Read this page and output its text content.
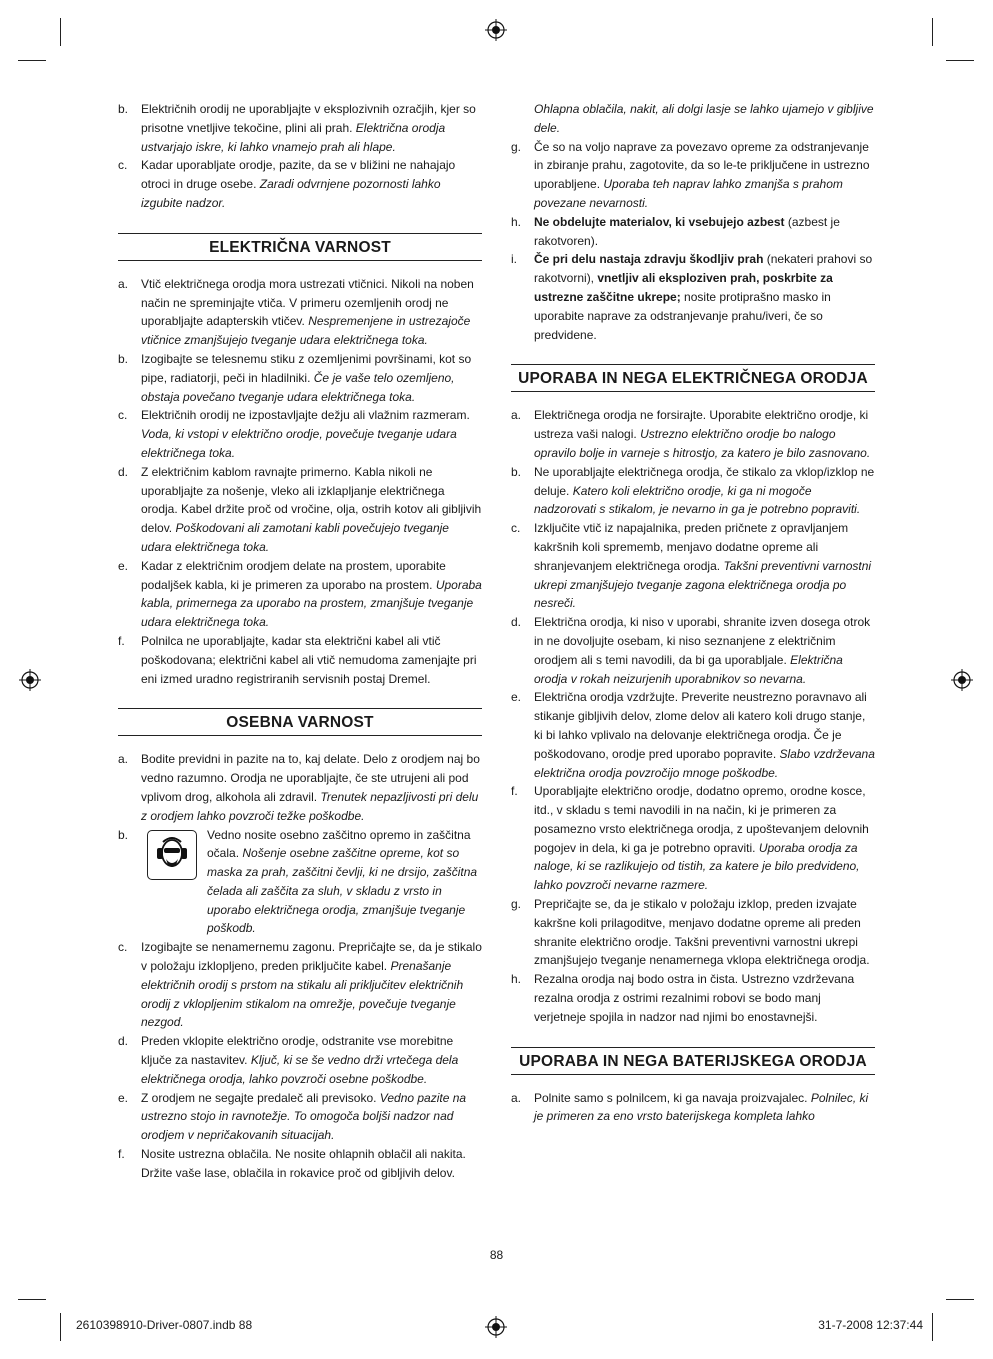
b.	Električnih orodij ne uporabljajte v eksplozivnih ozračjih, kjer so prisotne vnetljive tekočine, plini ali prah. Električna orodja ustvarjajo iskre, ki lahko vnamejo prah ali hlape.
c.	Kadar uporabljate orodje, pazite, da se v bližini ne nahajajo otroci in druge osebe. Zaradi odvrnjene pozornosti lahko izgubite nadzor.
ELEKTRIČNA VARNOST
a.	Vtič električnega orodja mora ustrezati vtičnici. Nikoli na noben način ne spreminjajte vtiča. V primeru ozemljenih orodj ne uporabljajte adapterskih vtičev. Nespremenjene in ustrezajoče vtičnice zmanjšujejo tveganje udara električnega toka.
b.	Izogibajte se telesnemu stiku z ozemljenimi površinami, kot so pipe, radiatorji, peči in hladilniki. Če je vaše telo ozemljeno, obstaja povečano tveganje udara električnega toka.
c.	Električnih orodij ne izpostavljajte dežju ali vlažnim razmeram. Voda, ki vstopi v električno orodje, povečuje tveganje udara električnega toka.
d.	Z električnim kablom ravnajte primerno. Kabla nikoli ne uporabljajte za nošenje, vleko ali izklapljanje električnega orodja. Kabel držite proč od vročine, olja, ostrih kotov ali gibljivih delov. Poškodovani ali zamotani kabli povečujejo tveganje udara električnega toka.
e.	Kadar z električnim orodjem delate na prostem, uporabite podaljšek kabla, ki je primeren za uporabo na prostem. Uporaba kabla, primernega za uporabo na prostem, zmanjšuje tveganje udara električnega toka.
f.	Polnilca ne uporabljajte, kadar sta električni kabel ali vtič poškodovana; električni kabel ali vtič nemudoma zamenjajte pri eni izmed uradno registriranih servisnih postaj Dremel.
OSEBNA VARNOST
a.	Bodite previdni in pazite na to, kaj delate. Delo z orodjem naj bo vedno razumno. Orodja ne uporabljajte, če ste utrujeni ali pod vplivom drog, alkohola ali zdravil. Trenutek nepazljivosti pri delu z orodjem lahko povzroči težke poškodbe.
b.	Vedno nosite osebno zaščitno opremo in zaščitna očala. Nošenje osebne zaščitne opreme, kot so maska za prah, zaščitni čevlji, ki ne drsijo, zaščitna čelada ali zaščita za sluh, v skladu z vrsto in uporabo električnega orodja, zmanjšuje tveganje poškodb.
c.	Izogibajte se nenamernemu zagonu. Prepričajte se, da je stikalo v položaju izklopljeno, preden priključite kabel. Prenašanje električnih orodij s prstom na stikalu ali priključitev električnih orodij z vklopljenim stikalom na omrežje, povečuje tveganje nezgod.
d.	Preden vklopite električno orodje, odstranite vse morebitne ključe za nastavitev. Ključ, ki se še vedno drži vrtečega dela električnega orodja, lahko povzroči osebne poškodbe.
e.	Z orodjem ne segajte predaleč ali previsoko. Vedno pazite na ustrezno stojo in ravnotežje. To omogoča boljši nadzor nad orodjem v nepričakovanih situacijah.
f.	Nosite ustrezna oblačila. Ne nosite ohlapnih oblačil ali nakita. Držite vaše lase, oblačila in rokavice proč od gibljivih delov.
Ohlapna oblačila, nakit, ali dolgi lasje se lahko ujamejo v gibljive dele.
g.	Če so na voljo naprave za povezavo opreme za odstranjevanje in zbiranje prahu, zagotovite, da so le-te priključene in ustrezno uporabljene. Uporaba teh naprav lahko zmanjša s prahom povezane nevarnosti.
h.	Ne obdelujte materialov, ki vsebujejo azbest (azbest je rakotvoren).
i.	Če pri delu nastaja zdravju škodljiv prah (nekateri prahovi so rakotvorni), vnetljiv ali eksploziven prah, poskrbite za ustrezne zaščitne ukrepe; nosite protiprašno masko in uporabite naprave za odstranjevanje prahu/iveri, če so predvidene.
UPORABA IN NEGA ELEKTRIČNEGA ORODJA
a.	Električnega orodja ne forsirajte. Uporabite električno orodje, ki ustreza vaši nalogi. Ustrezno električno orodje bo nalogo opravilo bolje in varneje s hitrostjo, za katero je bilo zasnovano.
b.	Ne uporabljajte električnega orodja, če stikalo za vklop/izklop ne deluje. Katero koli električno orodje, ki ga ni mogoče nadzorovati s stikalom, je nevarno in ga je potrebno popraviti.
c.	Izključite vtič iz napajalnika, preden pričnete z opravljanjem kakršnih koli sprememb, menjavo dodatne opreme ali shranjevanjem električnega orodja. Takšni preventivni varnostni ukrepi zmanjšujejo tveganje zagona električnega orodja po nesreči.
d.	Električna orodja, ki niso v uporabi, shranite izven dosega otrok in ne dovoljujte osebam, ki niso seznanjene z električnim orodjem ali s temi navodili, da bi ga uporabljale. Električna orodja v rokah neizurjenih uporabnikov so nevarna.
e.	Električna orodja vzdržujte. Preverite neustrezno poravnavo ali stikanje gibljivih delov, zlome delov ali katero koli drugo stanje, ki bi lahko vplivalo na delovanje električnega orodja. Če je poškodovano, orodje pred uporabo popravite. Slabo vzdrževana električna orodja povzročijo mnoge poškodbe.
f.	Uporabljajte električno orodje, dodatno opremo, orodne kosce, itd., v skladu s temi navodili in na način, ki je primeren za posamezno vrsto električnega orodja, z upoštevanjem delovnih pogojev in dela, ki ga je potrebno opraviti. Uporaba orodja za naloge, ki se razlikujejo od tistih, za katere je bilo predvideno, lahko povzroči nevarne razmere.
g.	Prepričajte se, da je stikalo v položaju izklop, preden izvajate kakršne koli prilagoditve, menjavo dodatne opreme ali preden shranite električno orodje. Takšni preventivni varnostni ukrepi zmanjšujejo tveganje nenamernega vklopa električnega orodja.
h.	Rezalna orodja naj bodo ostra in čista. Ustrezno vzdrževana rezalna orodja z ostrimi rezalnimi robovi se bodo manj verjetneje spojila in nadzor nad njimi bo enostavnejši.
UPORABA IN NEGA BATERIJSKEGA ORODJA
a.	Polnite samo s polnilcem, ki ga navaja proizvajalec. Polnilec, ki je primeren za eno vrsto baterijskega kompleta lahko
88
2610398910-Driver-0807.indb 88	31-7-2008 12:37:44
